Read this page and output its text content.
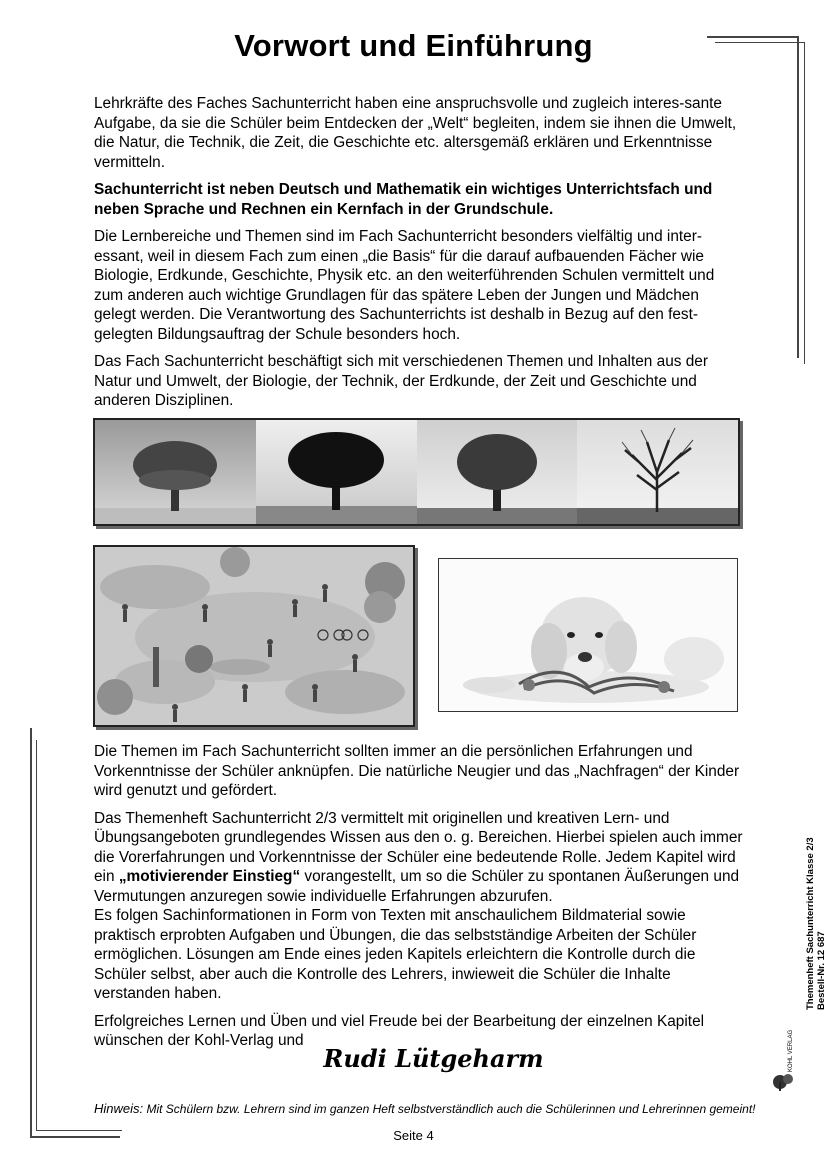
Vorwort und Einführung

Lehrkräfte des Faches Sachunterricht haben eine anspruchsvolle und zugleich interes-sante Aufgabe, da sie die Schüler beim Entdecken der „Welt“ begleiten, indem sie ihnen die Umwelt, die Natur, die Technik, die Zeit, die Geschichte etc. altersgemäß erklären und Erkenntnisse vermitteln.

Sachunterricht ist neben Deutsch und Mathematik ein wichtiges Unterrichtsfach und neben Sprache und Rechnen ein Kernfach in der Grundschule.

Die Lernbereiche und Themen sind im Fach Sachunterricht besonders vielfältig und inter-essant, weil in diesem Fach zum einen „die Basis“ für die darauf aufbauenden Fächer wie Biologie, Erdkunde, Geschichte, Physik etc. an den weiterführenden Schulen vermittelt und zum anderen auch wichtige Grundlagen für das spätere Leben der Jungen und Mädchen gelegt werden. Die Verantwortung des Sachunterrichts ist deshalb in Bezug auf den fest-gelegten Bildungsauftrag der Schule besonders hoch.

Das Fach Sachunterricht beschäftigt sich mit verschiedenen Themen und Inhalten aus der Natur und Umwelt, der Biologie, der Technik, der Erdkunde, der Zeit und Geschichte und anderen Disziplinen.

Die Themen im Fach Sachunterricht sollten immer an die persönlichen Erfahrungen und Vorkenntnisse der Schüler anknüpfen. Die natürliche Neugier und das „Nachfragen“ der Kinder wird genutzt und gefördert.

Das Themenheft Sachunterricht 2/3 vermittelt mit originellen und kreativen Lern- und Übungsangeboten grundlegendes Wissen aus den o. g. Bereichen. Hierbei spielen auch immer die Vorerfahrungen und Vorkenntnisse der Schüler eine bedeutende Rolle. Jedem Kapitel wird ein „motivierender Einstieg“ vorangestellt, um so die Schüler zu spontanen Äußerungen und Vermutungen anzuregen sowie individuelle Erfahrungen abzurufen.

Es folgen Sachinformationen in Form von Texten mit anschaulichem Bildmaterial sowie praktisch erprobten Aufgaben und Übungen, die das selbstständige Arbeiten der Schüler ermöglichen. Lösungen am Ende eines jeden Kapitels erleichtern die Kontrolle durch die Schüler selbst, aber auch die Kontrolle des Lehrers, inwieweit die Schüler die Inhalte verstanden haben.

Erfolgreiches Lernen und Üben und viel Freude bei der Bearbeitung der einzelnen Kapitel wünschen der Kohl-Verlag und

Rudi Lütgeharm
Hinweis: Mit Schülern bzw. Lehrern sind im ganzen Heft selbstverständlich auch die Schülerinnen und Lehrerinnen gemeint!
Seite 4
Themenheft Sachunterricht Klasse 2/3 Bestell-Nr. 12 687
KOHL VERLAG
